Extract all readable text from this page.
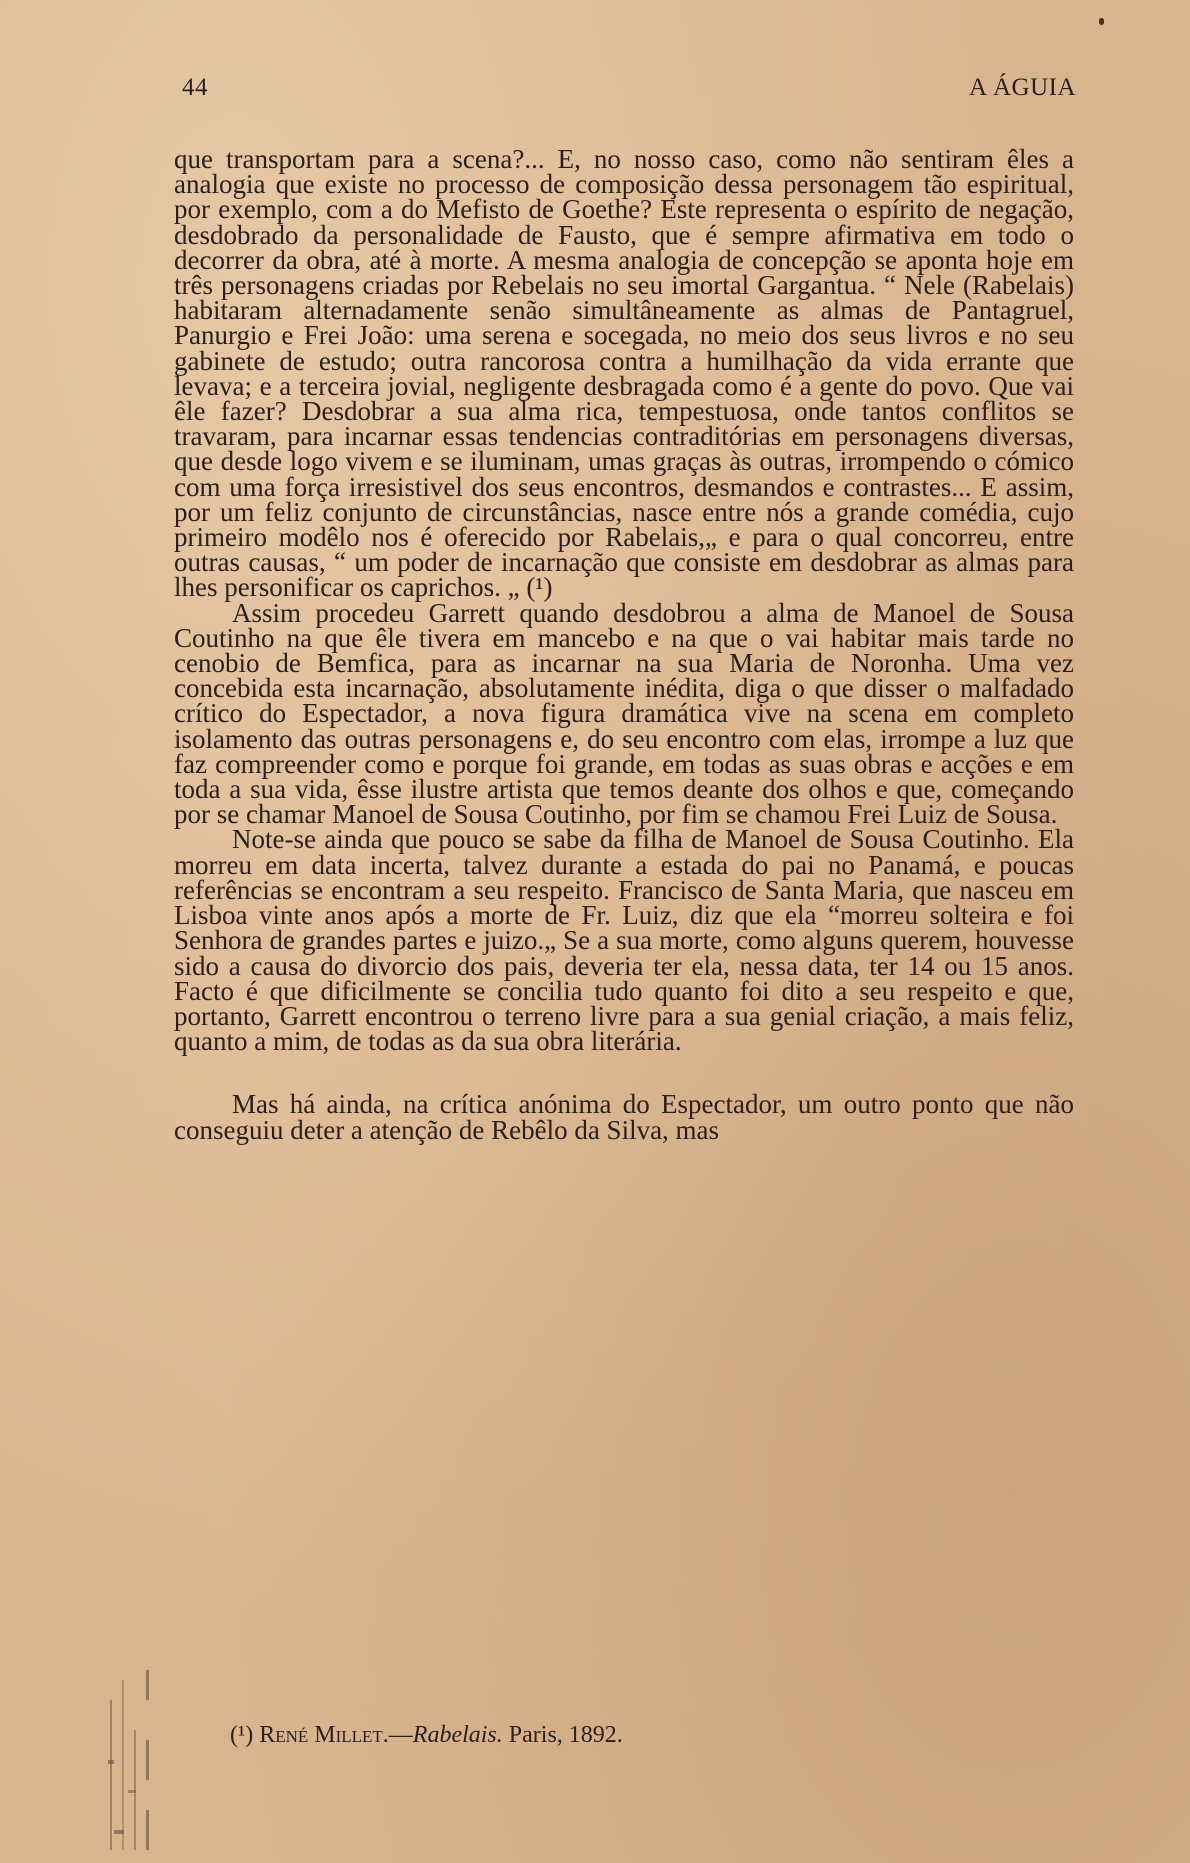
44	A ÁGUIA

que transportam para a scena?... E, no nosso caso, como não sentiram êles a analogia que existe no processo de composição dessa personagem tão espiritual, por exemplo, com a do Mefisto de Goethe? Este representa o espírito de negação, desdobrado da personalidade de Fausto, que é sempre afirmativa em todo o decorrer da obra, até à morte. A mesma analogia de concepção se aponta hoje em três personagens criadas por Rebelais no seu imortal Gargantua. “ Nele (Rabelais) habitaram alternadamente senão simultâneamente as almas de Pantagruel, Panurgio e Frei João: uma serena e socegada, no meio dos seus livros e no seu gabinete de estudo; outra rancorosa contra a humilhação da vida errante que levava; e a terceira jovial, negligente desbragada como é a gente do povo. Que vai êle fazer? Desdobrar a sua alma rica, tempestuosa, onde tantos conflitos se travaram, para incarnar essas tendencias contraditórias em personagens diversas, que desde logo vivem e se iluminam, umas graças às outras, irrompendo o cómico com uma força irresistivel dos seus encontros, desmandos e contrastes... E assim, por um feliz conjunto de circunstâncias, nasce entre nós a grande comédia, cujo primeiro modêlo nos é oferecido por Rabelais,„ e para o qual concorreu, entre outras causas, “ um poder de incarnação que consiste em desdobrar as almas para lhes personificar os caprichos. „ (¹)

Assim procedeu Garrett quando desdobrou a alma de Manoel de Sousa Coutinho na que êle tivera em mancebo e na que o vai habitar mais tarde no cenobio de Bemfica, para as incarnar na sua Maria de Noronha. Uma vez concebida esta incarnação, absolutamente inédita, diga o que disser o malfadado crítico do Espectador, a nova figura dramática vive na scena em completo isolamento das outras personagens e, do seu encontro com elas, irrompe a luz que faz compreender como e porque foi grande, em todas as suas obras e acções e em toda a sua vida, êsse ilustre artista que temos deante dos olhos e que, começando por se chamar Manoel de Sousa Coutinho, por fim se chamou Frei Luiz de Sousa.

Note-se ainda que pouco se sabe da filha de Manoel de Sousa Coutinho. Ela morreu em data incerta, talvez durante a estada do pai no Panamá, e poucas referências se encontram a seu respeito. Francisco de Santa Maria, que nasceu em Lisboa vinte anos após a morte de Fr. Luiz, diz que ela “morreu solteira e foi Senhora de grandes partes e juizo.„ Se a sua morte, como alguns querem, houvesse sido a causa do divorcio dos pais, deveria ter ela, nessa data, ter 14 ou 15 anos. Facto é que dificilmente se concilia tudo quanto foi dito a seu respeito e que, portanto, Garrett encontrou o terreno livre para a sua genial criação, a mais feliz, quanto a mim, de todas as da sua obra literária.

Mas há ainda, na crítica anónima do Espectador, um outro ponto que não conseguiu deter a atenção de Rebêlo da Silva, mas

(¹) René Millet.—Rabelais. Paris, 1892.
